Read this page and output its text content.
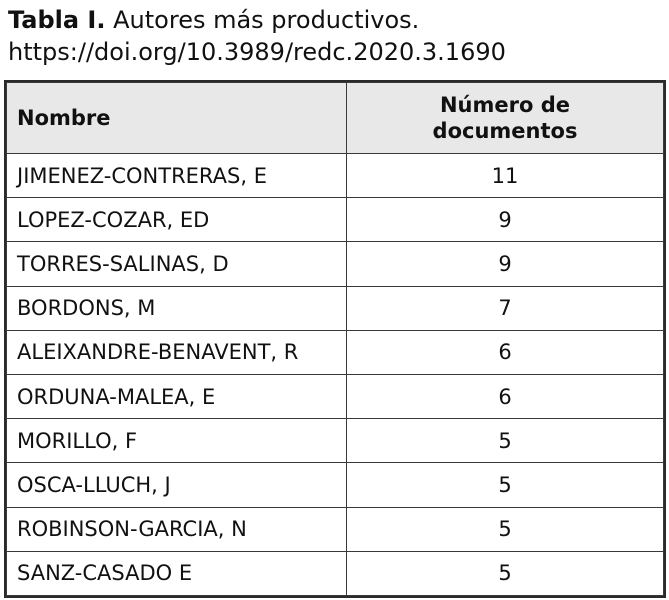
Tabla I. Autores más productivos.
https://doi.org/10.3989/redc.2020.3.1690
Nombre	Número de
documentos

JIMENEZ-CONTRERAS, E	11
LOPEZ-COZAR, ED	9
TORRES-SALINAS, D	9
BORDONS, M	7
ALEIXANDRE-BENAVENT, R	6
ORDUNA-MALEA, E	6
MORILLO, F	5
OSCA-LLUCH, J	5
ROBINSON-GARCIA, N	5
SANZ-CASADO E	5
